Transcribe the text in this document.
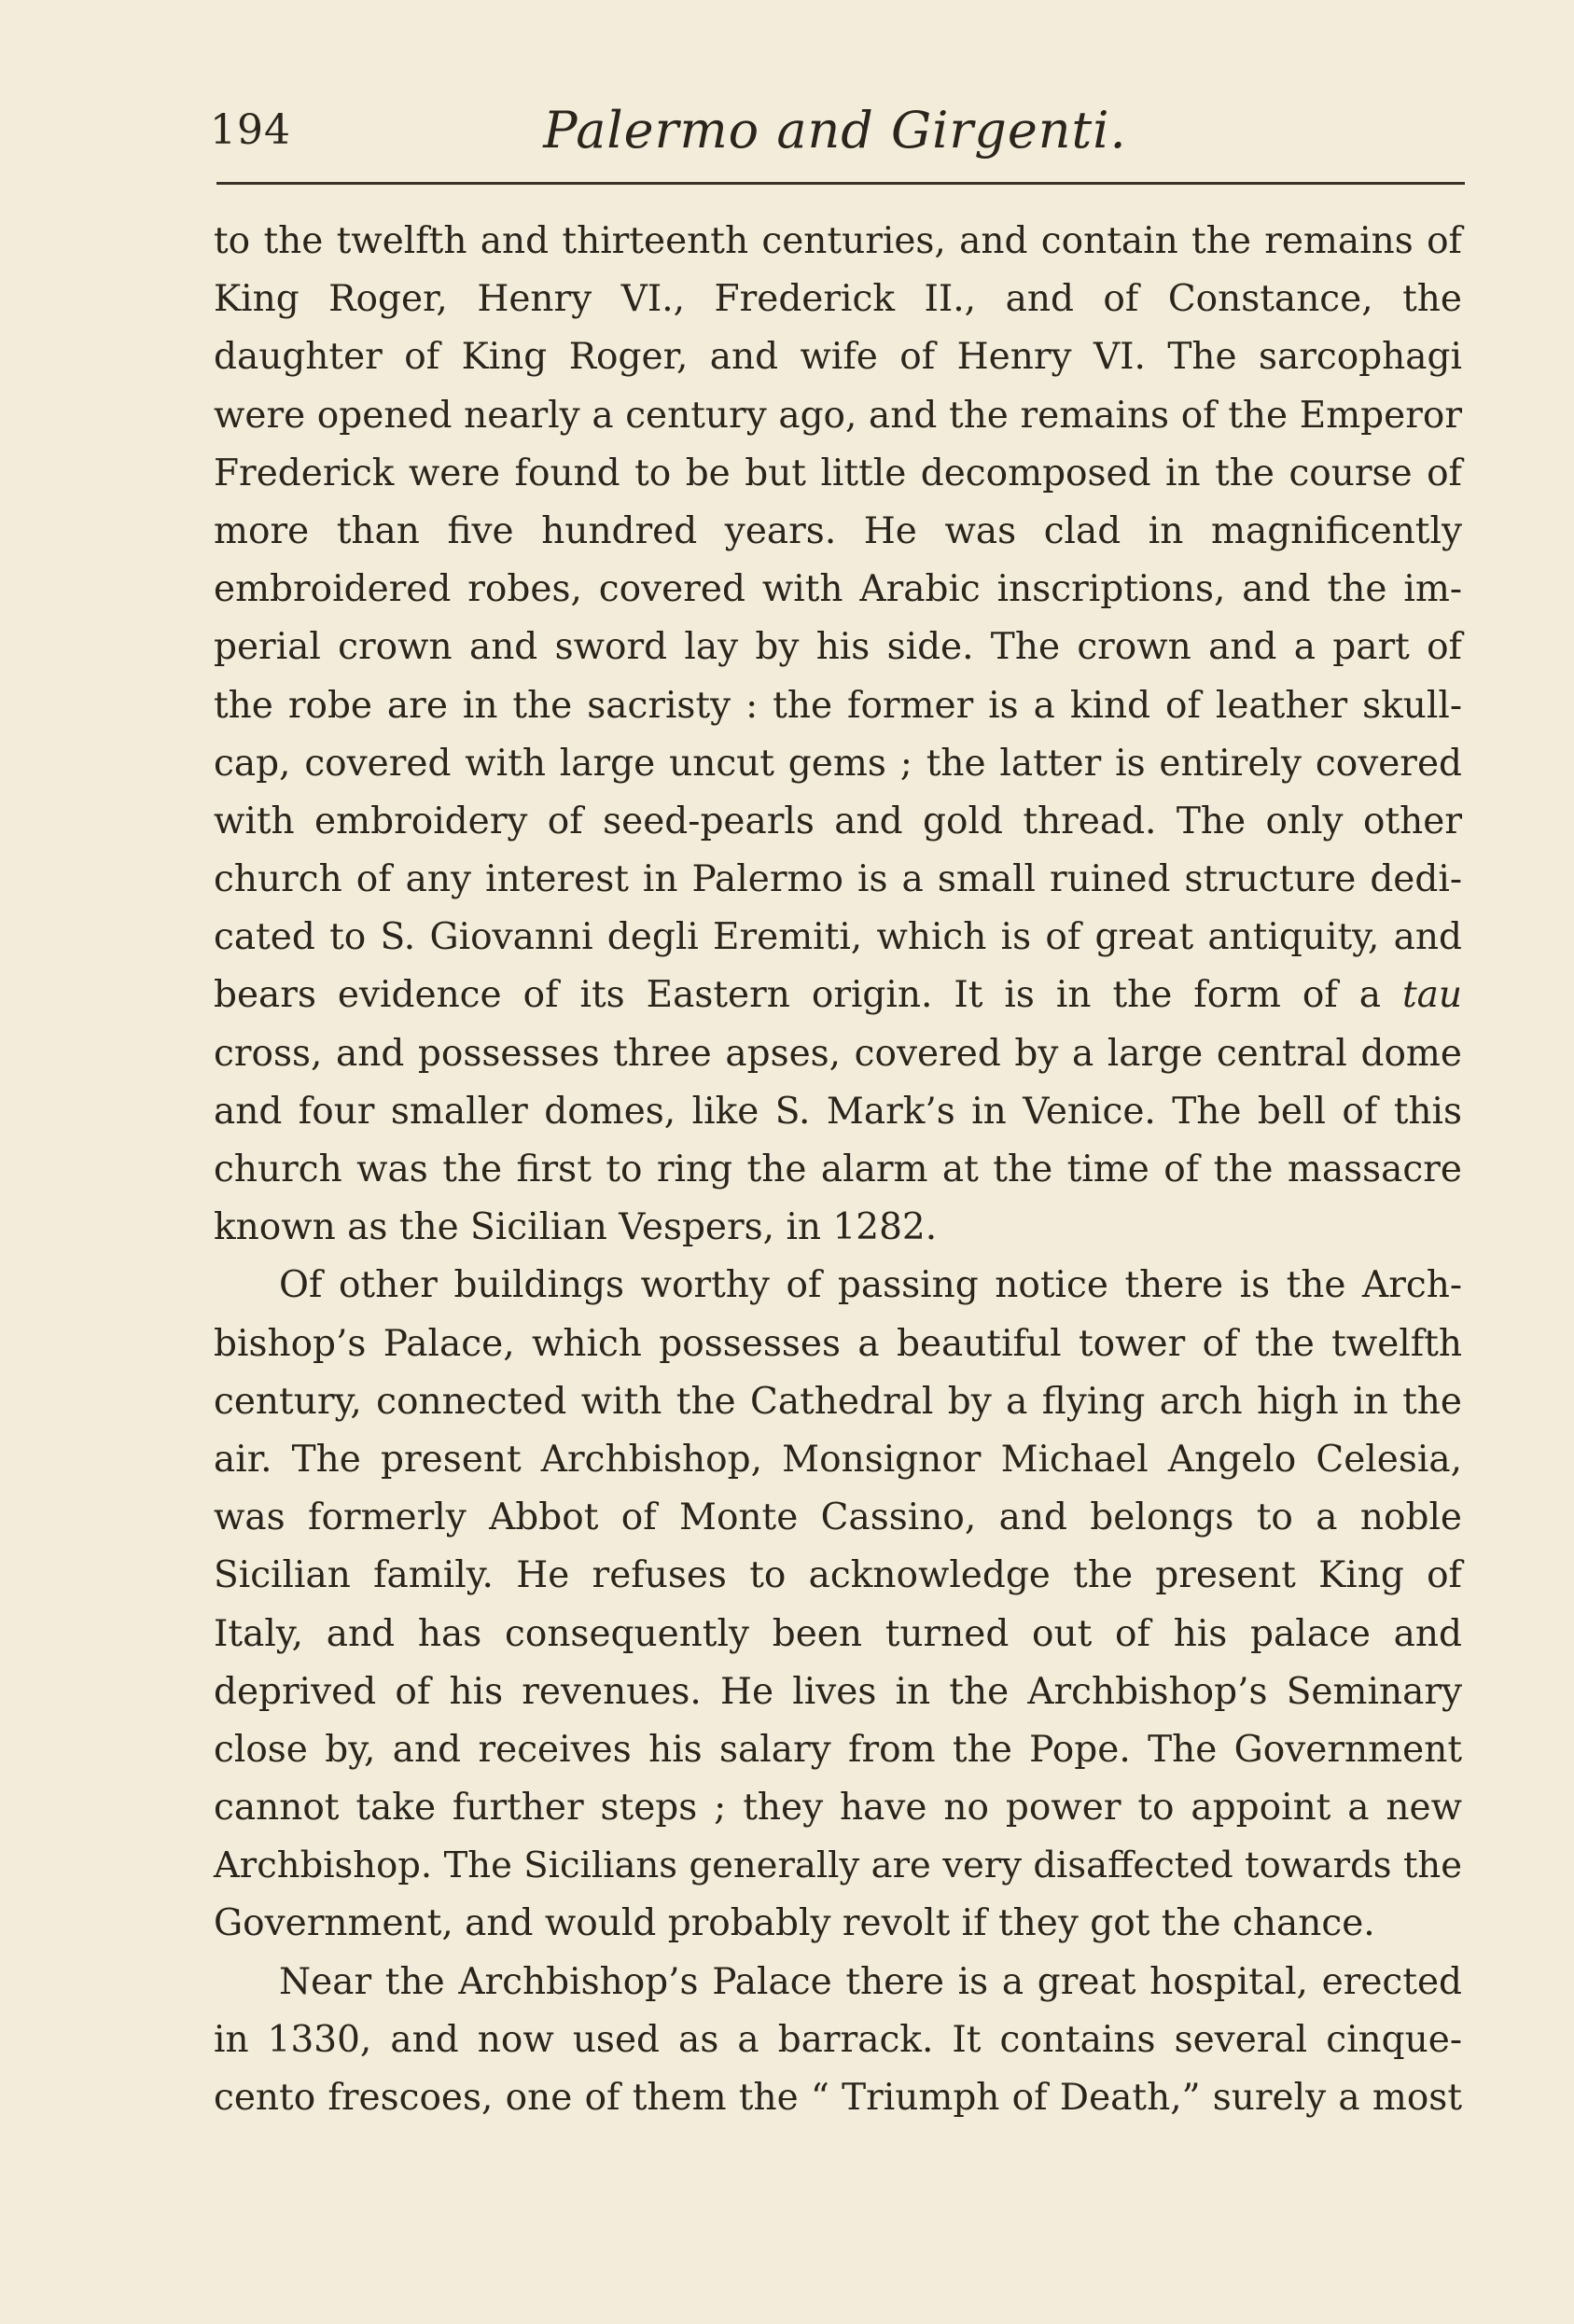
194	Palermo and Girgenti.
to the twelfth and thirteenth centuries, and contain the remains of
King Roger, Henry VI., Frederick II., and of Constance, the
daughter of King Roger, and wife of Henry VI. The sarcophagi
were opened nearly a century ago, and the remains of the Emperor
Frederick were found to be but little decomposed in the course of
more than five hundred years. He was clad in magnificently
embroidered robes, covered with Arabic inscriptions, and the im-
perial crown and sword lay by his side. The crown and a part of
the robe are in the sacristy : the former is a kind of leather skull-
cap, covered with large uncut gems ; the latter is entirely covered
with embroidery of seed-pearls and gold thread. The only other
church of any interest in Palermo is a small ruined structure dedi-
cated to S. Giovanni degli Eremiti, which is of great antiquity, and
bears evidence of its Eastern origin. It is in the form of a tau
cross, and possesses three apses, covered by a large central dome
and four smaller domes, like S. Mark’s in Venice. The bell of this
church was the first to ring the alarm at the time of the massacre
known as the Sicilian Vespers, in 1282.
Of other buildings worthy of passing notice there is the Arch-
bishop’s Palace, which possesses a beautiful tower of the twelfth
century, connected with the Cathedral by a flying arch high in the
air. The present Archbishop, Monsignor Michael Angelo Celesia,
was formerly Abbot of Monte Cassino, and belongs to a noble
Sicilian family. He refuses to acknowledge the present King of
Italy, and has consequently been turned out of his palace and
deprived of his revenues. He lives in the Archbishop’s Seminary
close by, and receives his salary from the Pope. The Government
cannot take further steps ; they have no power to appoint a new
Archbishop. The Sicilians generally are very disaffected towards the
Government, and would probably revolt if they got the chance.
Near the Archbishop’s Palace there is a great hospital, erected
in 1330, and now used as a barrack. It contains several cinque-
cento frescoes, one of them the “ Triumph of Death,” surely a most
